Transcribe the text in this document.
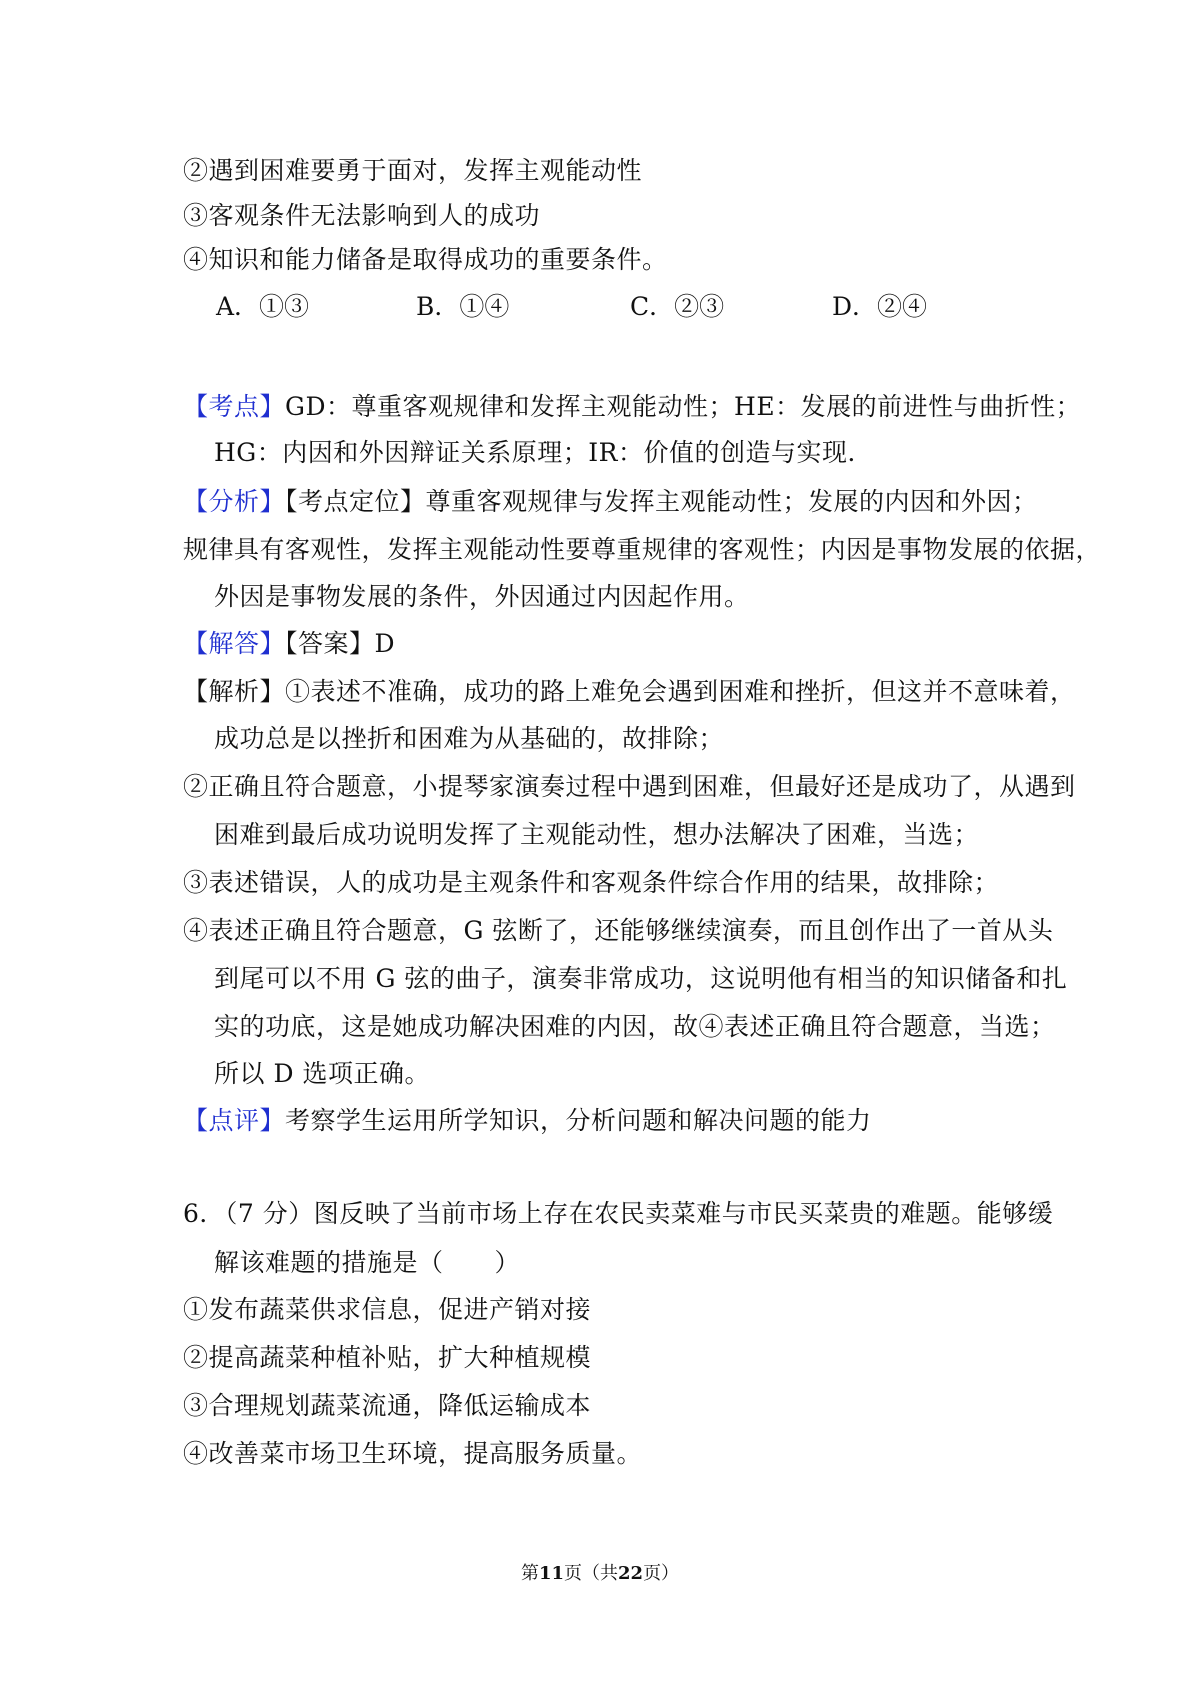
②遇到困难要勇于面对，发挥主观能动性
③客观条件无法影响到人的成功
④知识和能力储备是取得成功的重要条件。
A．①③	B．①④	C．②③	D．②④
【考点】GD：尊重客观规律和发挥主观能动性；HE：发展的前进性与曲折性；
HG：内因和外因辩证关系原理；IR：价值的创造与实现．
【分析】【考点定位】尊重客观规律与发挥主观能动性；发展的内因和外因；
规律具有客观性，发挥主观能动性要尊重规律的客观性；内因是事物发展的依据，
外因是事物发展的条件，外因通过内因起作用。
【解答】【答案】D
【解析】①表述不准确，成功的路上难免会遇到困难和挫折，但这并不意味着，
成功总是以挫折和困难为从基础的，故排除；
②正确且符合题意，小提琴家演奏过程中遇到困难，但最好还是成功了，从遇到
困难到最后成功说明发挥了主观能动性，想办法解决了困难，当选；
③表述错误，人的成功是主观条件和客观条件综合作用的结果，故排除；
④表述正确且符合题意，G 弦断了，还能够继续演奏，而且创作出了一首从头
到尾可以不用 G 弦的曲子，演奏非常成功，这说明他有相当的知识储备和扎
实的功底，这是她成功解决困难的内因，故④表述正确且符合题意，当选；
所以 D 选项正确。
【点评】考察学生运用所学知识，分析问题和解决问题的能力
6．（7 分）图反映了当前市场上存在农民卖菜难与市民买菜贵的难题。能够缓
解该难题的措施是（　　）
①发布蔬菜供求信息，促进产销对接
②提高蔬菜种植补贴，扩大种植规模
③合理规划蔬菜流通，降低运输成本
④改善菜市场卫生环境，提高服务质量。
第11页（共22页）
